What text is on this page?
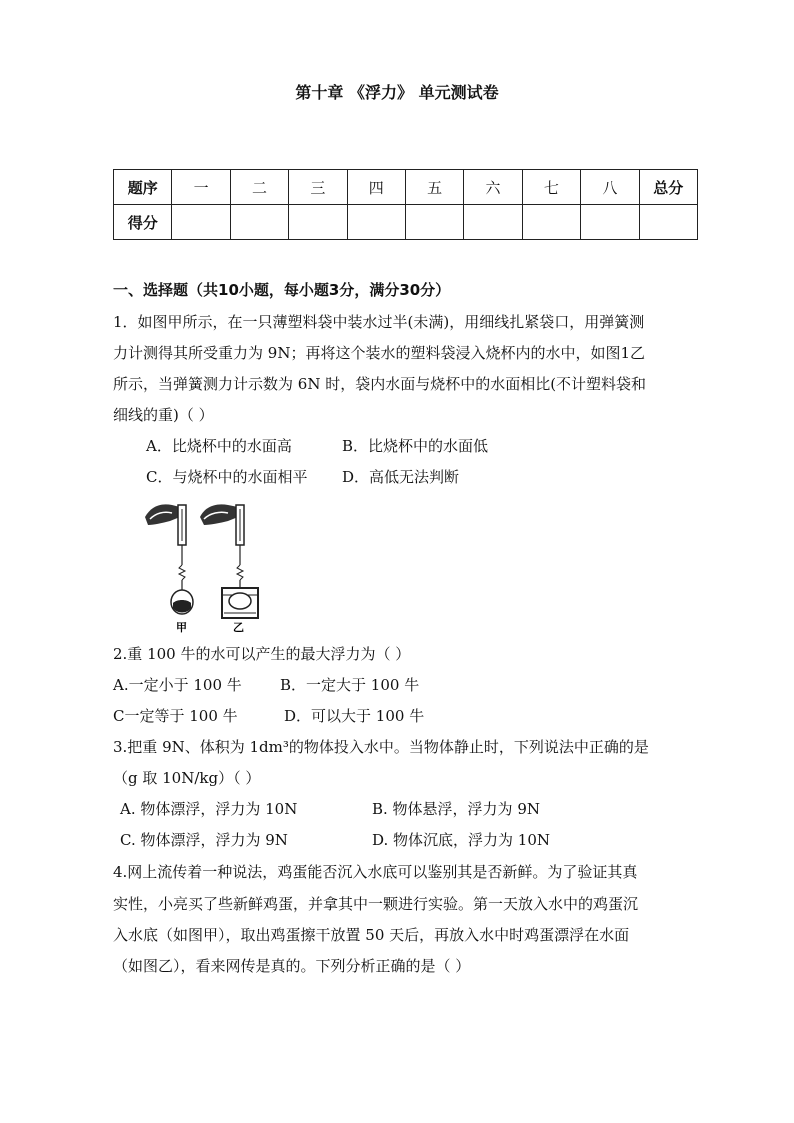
第十章 《浮力》 单元测试卷
题序	一	二	三	四	五	六	七	八	总分
得分									
一、选择题（共10小题，每小题3分，满分30分）
1．如图甲所示，在一只薄塑料袋中装水过半(未满)，用细线扎紧袋口，用弹簧测
力计测得其所受重力为 9N；再将这个装水的塑料袋浸入烧杯内的水中，如图1乙
所示，当弹簧测力计示数为 6N 时，袋内水面与烧杯中的水面相比(不计塑料袋和
细线的重)（ ）
A．比烧杯中的水面高	B．比烧杯中的水面低
C．与烧杯中的水面相平 D．高低无法判断
甲	乙
2.重 100 牛的水可以产生的最大浮力为（ ）
A.一定小于 100 牛	B．一定大于 100 牛
C一定等于 100 牛	D．可以大于 100 牛
3.把重 9N、体积为 1dm³的物体投入水中。当物体静止时，下列说法中正确的是
（g 取 10N/kg）（ ）
A. 物体漂浮，浮力为 10N	B. 物体悬浮，浮力为 9N
C. 物体漂浮，浮力为 9N	D. 物体沉底，浮力为 10N
4.网上流传着一种说法，鸡蛋能否沉入水底可以鉴别其是否新鲜。为了验证其真
实性，小亮买了些新鲜鸡蛋，并拿其中一颗进行实验。第一天放入水中的鸡蛋沉
入水底（如图甲），取出鸡蛋擦干放置 50 天后，再放入水中时鸡蛋漂浮在水面
（如图乙），看来网传是真的。下列分析正确的是（ ）
